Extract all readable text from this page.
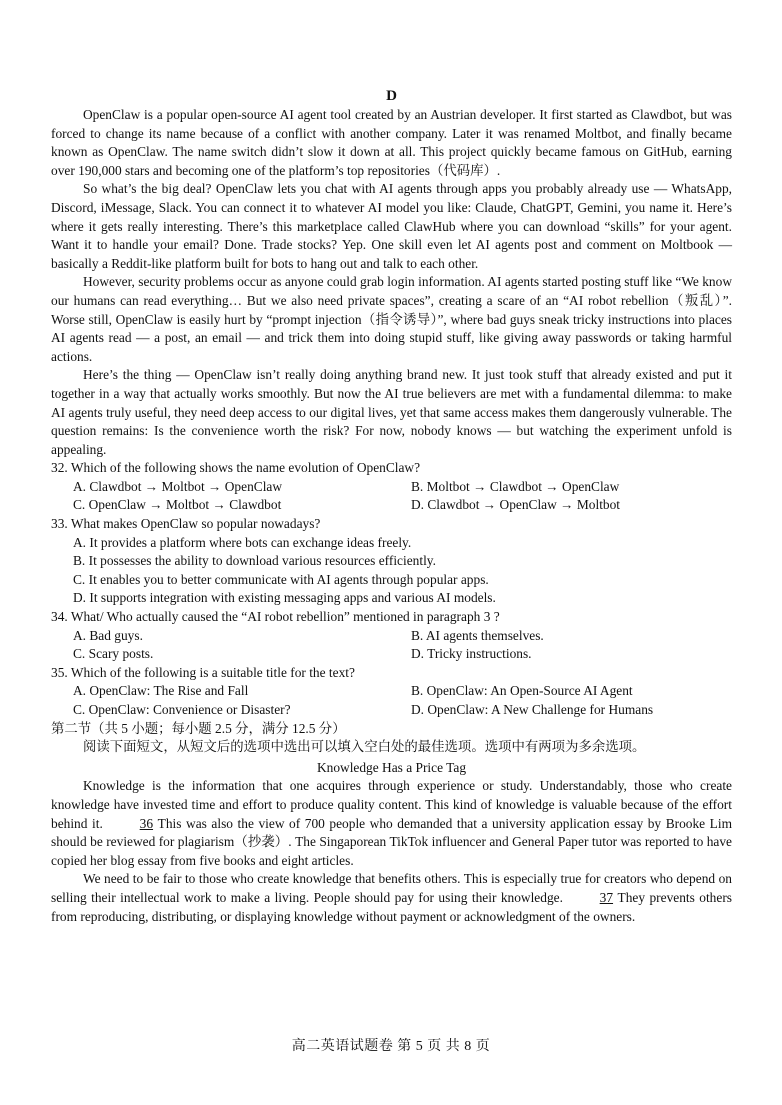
D

OpenClaw is a popular open-source AI agent tool created by an Austrian developer. It first started as Clawdbot, but was forced to change its name because of a conflict with another company. Later it was renamed Moltbot, and finally became known as OpenClaw. The name switch didn’t slow it down at all. This project quickly became famous on GitHub, earning over 190,000 stars and becoming one of the platform’s top repositories（代码库）.

So what’s the big deal? OpenClaw lets you chat with AI agents through apps you probably already use — WhatsApp, Discord, iMessage, Slack. You can connect it to whatever AI model you like: Claude, ChatGPT, Gemini, you name it. Here’s where it gets really interesting. There’s this marketplace called ClawHub where you can download “skills” for your agent. Want it to handle your email? Done. Trade stocks? Yep. One skill even let AI agents post and comment on Moltbook — basically a Reddit-like platform built for bots to hang out and talk to each other.

However, security problems occur as anyone could grab login information. AI agents started posting stuff like “We know our humans can read everything… But we also need private spaces”, creating a scare of an “AI robot rebellion（叛乱）”. Worse still, OpenClaw is easily hurt by “prompt injection（指令诱导）”, where bad guys sneak tricky instructions into places AI agents read — a post, an email — and trick them into doing stupid stuff, like giving away passwords or taking harmful actions.

Here’s the thing — OpenClaw isn’t really doing anything brand new. It just took stuff that already existed and put it together in a way that actually works smoothly. But now the AI true believers are met with a fundamental dilemma: to make AI agents truly useful, they need deep access to our digital lives, yet that same access makes them dangerously vulnerable. The question remains: Is the convenience worth the risk? For now, nobody knows — but watching the experiment unfold is appealing.

32. Which of the following shows the name evolution of OpenClaw?
A. Clawdbot → Moltbot → OpenClaw	B. Moltbot → Clawdbot → OpenClaw
C. OpenClaw → Moltbot → Clawdbot	D. Clawdbot → OpenClaw → Moltbot
33. What makes OpenClaw so popular nowadays?
A. It provides a platform where bots can exchange ideas freely.
B. It possesses the ability to download various resources efficiently.
C. It enables you to better communicate with AI agents through popular apps.
D. It supports integration with existing messaging apps and various AI models.
34. What/ Who actually caused the “AI robot rebellion” mentioned in paragraph 3 ?
A. Bad guys.	B. AI agents themselves.
C. Scary posts.	D. Tricky instructions.
35. Which of the following is a suitable title for the text?
A. OpenClaw: The Rise and Fall	B. OpenClaw: An Open-Source AI Agent
C. OpenClaw: Convenience or Disaster?	D. OpenClaw: A New Challenge for Humans
第二节（共 5 小题；每小题 2.5 分，满分 12.5 分）

阅读下面短文，从短文后的选项中选出可以填入空白处的最佳选项。选项中有两项为多余选项。

Knowledge Has a Price Tag

Knowledge is the information that one acquires through experience or study. Understandably, those who create knowledge have invested time and effort to produce quality content. This kind of knowledge is valuable because of the effort behind it. 36 This was also the view of 700 people who demanded that a university application essay by Brooke Lim should be reviewed for plagiarism（抄袭）. The Singaporean TikTok influencer and General Paper tutor was reported to have copied her blog essay from five books and eight articles.

We need to be fair to those who create knowledge that benefits others. This is especially true for creators who depend on selling their intellectual work to make a living. People should pay for using their knowledge. 37 They prevents others from reproducing, distributing, or displaying knowledge without payment or acknowledgment of the owners.

高二英语试题卷 第 5 页 共 8 页
